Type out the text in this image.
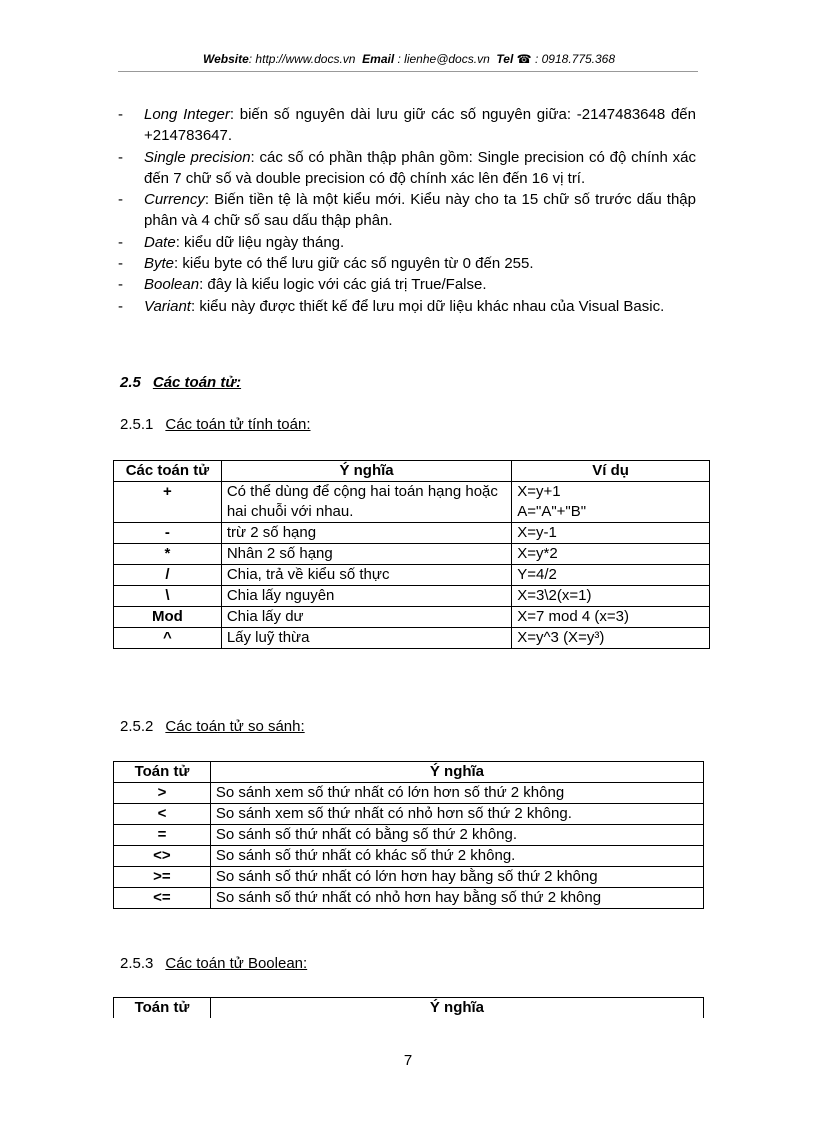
Website: http://www.docs.vn Email : lienhe@docs.vn Tel ☎ : 0918.775.368
-	Long Integer: biến số nguyên dài lưu giữ các số nguyên giữa: -2147483648 đến +214783647.
-	Single precision: các số có phần thập phân gồm: Single precision có độ chính xác đến 7 chữ số và double precision có độ chính xác lên đến 16 vị trí.
-	Currency: Biến tiền tệ là một kiểu mới. Kiểu này cho ta 15 chữ số trước dấu thập phân và 4 chữ số sau dấu thập phân.
-	Date: kiểu dữ liệu ngày tháng.
-	Byte: kiểu byte có thể lưu giữ các số nguyên từ 0 đến 255.
-	Boolean: đây là kiểu logic với các giá trị True/False.
-	Variant: kiểu này được thiết kế để lưu mọi dữ liệu khác nhau của Visual Basic.
2.5 Các toán tử:
2.5.1 Các toán tử tính toán:
Các toán tử	Ý nghĩa	Ví dụ
+	Có thể dùng để cộng hai toán hạng hoặc hai chuỗi với nhau.	X=y+1
A="A"+"B"
-	trừ 2 số hạng	X=y-1
*	Nhân 2 số hạng	X=y*2
/	Chia, trả về kiểu số thực	Y=4/2
\	Chia lấy nguyên	X=3\2(x=1)
Mod	Chia lấy dư	X=7 mod 4 (x=3)
^	Lấy luỹ thừa	X=y^3 (X=y³)
2.5.2 Các toán tử so sánh:
Toán tử	Ý nghĩa
>	So sánh xem số thứ nhất có lớn hơn số thứ 2 không
<	So sánh xem số thứ nhất có nhỏ hơn số thứ 2 không.
=	So sánh số thứ nhất có bằng số thứ 2 không.
<>	So sánh số thứ nhất có khác số thứ 2 không.
>=	So sánh số thứ nhất có lớn hơn hay bằng số thứ 2 không
<=	So sánh số thứ nhất có nhỏ hơn hay bằng số thứ 2 không
2.5.3 Các toán tử Boolean:
Toán tử	Ý nghĩa
7
